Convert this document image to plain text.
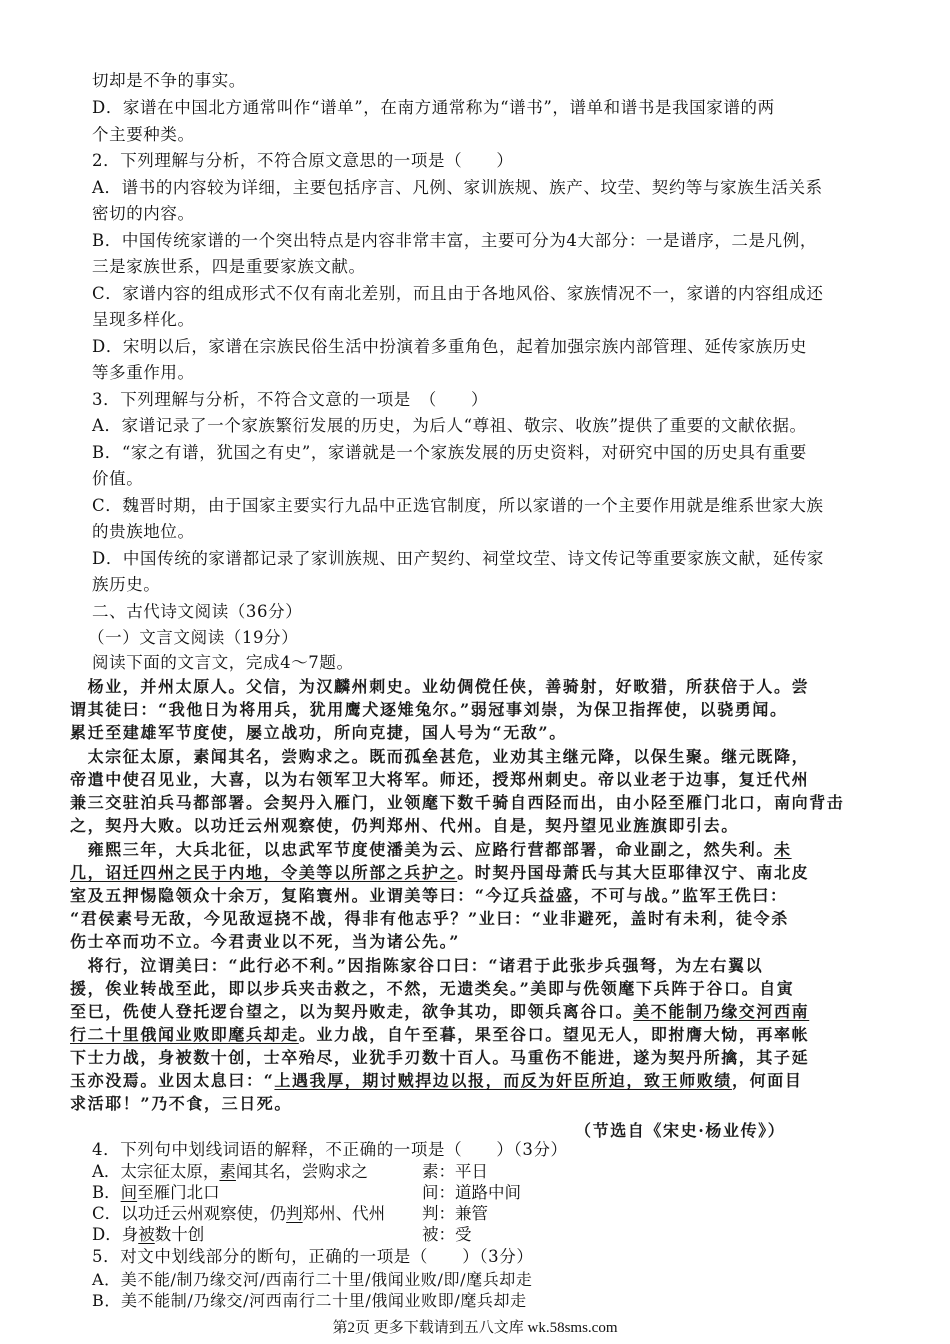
切却是不争的事实。
D．家谱在中国北方通常叫作“谱单”，在南方通常称为“谱书”，谱单和谱书是我国家谱的两
个主要种类。
2．下列理解与分析，不符合原文意思的一项是（　　）
A．谱书的内容较为详细，主要包括序言、凡例、家训族规、族产、坟茔、契约等与家族生活关系
密切的内容。
B．中国传统家谱的一个突出特点是内容非常丰富，主要可分为4大部分：一是谱序，二是凡例，
三是家族世系，四是重要家族文献。
C．家谱内容的组成形式不仅有南北差别，而且由于各地风俗、家族情况不一，家谱的内容组成还
呈现多样化。
D．宋明以后，家谱在宗族民俗生活中扮演着多重角色，起着加强宗族内部管理、延传家族历史
等多重作用。
3．下列理解与分析，不符合文意的一项是　（　　）
A．家谱记录了一个家族繁衍发展的历史，为后人“尊祖、敬宗、收族”提供了重要的文献依据。
B．“家之有谱，犹国之有史”，家谱就是一个家族发展的历史资料，对研究中国的历史具有重要
价值。
C．魏晋时期，由于国家主要实行九品中正选官制度，所以家谱的一个主要作用就是维系世家大族
的贵族地位。
D．中国传统的家谱都记录了家训族规、田产契约、祠堂坟茔、诗文传记等重要家族文献，延传家
族历史。
二、古代诗文阅读（36分）
（一）文言文阅读（19分）
阅读下面的文言文，完成4～7题。
　杨业，并州太原人。父信，为汉麟州刺史。业幼倜傥任侠，善骑射，好畋猎，所获倍于人。尝
谓其徒曰：“我他日为将用兵，犹用鹰犬逐雉兔尔。”弱冠事刘崇，为保卫指挥使，以骁勇闻。
累迁至建雄军节度使，屡立战功，所向克捷，国人号为“无敌”。
　太宗征太原，素闻其名，尝购求之。既而孤垒甚危，业劝其主继元降，以保生聚。继元既降，
帝遣中使召见业，大喜，以为右领军卫大将军。师还，授郑州刺史。帝以业老于边事，复迁代州
兼三交驻泊兵马都部署。会契丹入雁门，业领麾下数千骑自西陉而出，由小陉至雁门北口，南向背击
之，契丹大败。以功迁云州观察使，仍判郑州、代州。自是，契丹望见业旌旗即引去。
　雍熙三年，大兵北征，以忠武军节度使潘美为云、应路行营都部署，命业副之，然失利。未
几，诏迁四州之民于内地，令美等以所部之兵护之。时契丹国母萧氏与其大臣耶律汉宁、南北皮
室及五押惕隐领众十余万，复陷寰州。业谓美等曰：“今辽兵益盛，不可与战。”监军王侁曰：
“君侯素号无敌，今见敌逗挠不战，得非有他志乎？”业曰：“业非避死，盖时有未利，徒令杀
伤士卒而功不立。今君责业以不死，当为诸公先。”
　将行，泣谓美曰：“此行必不利。”因指陈家谷口曰：“诸君于此张步兵强弩，为左右翼以
援，俟业转战至此，即以步兵夹击救之，不然，无遗类矣。”美即与侁领麾下兵阵于谷口。自寅
至巳，侁使人登托逻台望之，以为契丹败走，欲争其功，即领兵离谷口。美不能制乃缘交河西南
行二十里俄闻业败即麾兵却走。业力战，自午至暮，果至谷口。望见无人，即拊膺大恸，再率帐
下士力战，身被数十创，士卒殆尽，业犹手刃数十百人。马重伤不能进，遂为契丹所擒，其子延
玉亦没焉。业因太息曰：“上遇我厚，期讨贼捍边以报，而反为奸臣所迫，致王师败绩，何面目
求活耶！”乃不食，三日死。
（节选自《宋史·杨业传》）
4．下列句中划线词语的解释，不正确的一项是（　　）（3分）
A．太宗征太原，素闻其名，尝购求之	素：平日
B．间至雁门北口	间：道路中间
C．以功迁云州观察使，仍判郑州、代州 判：兼管
D．身被数十创	被：受
5．对文中划线部分的断句，正确的一项是（　　）（3分）
A．美不能/制乃缘交河/西南行二十里/俄闻业败/即/麾兵却走
第2页 更多下载请到五八文库 wk.58sms.com
B．美不能制/乃缘交/河西南行二十里/俄闻业败即/麾兵却走
